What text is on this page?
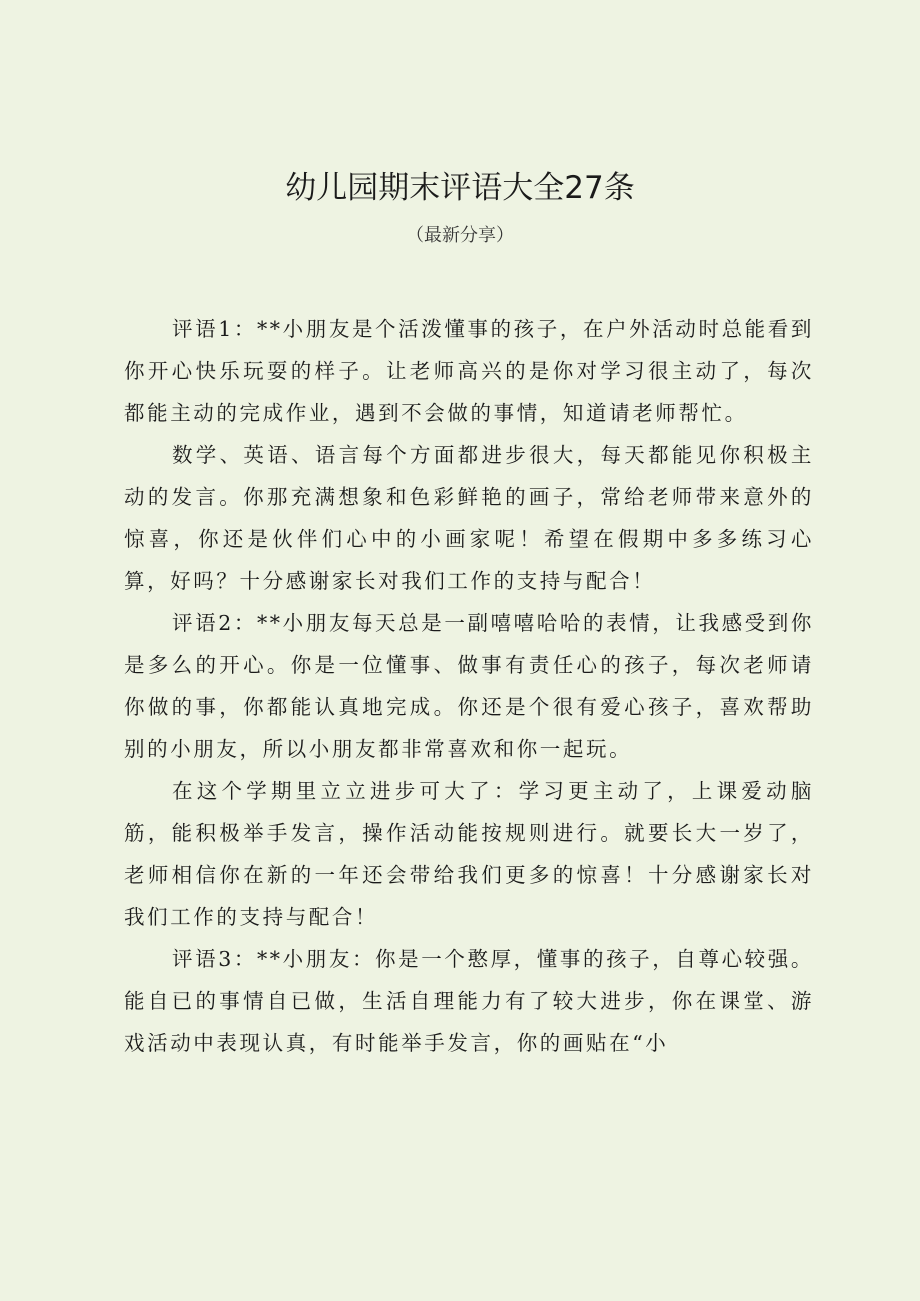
幼儿园期末评语大全27条
（最新分享）

评语1：**小朋友是个活泼懂事的孩子，在户外活动时总能看到你开心快乐玩耍的样子。让老师高兴的是你对学习很主动了，每次都能主动的完成作业，遇到不会做的事情，知道请老师帮忙。

数学、英语、语言每个方面都进步很大，每天都能见你积极主动的发言。你那充满想象和色彩鲜艳的画子，常给老师带来意外的惊喜，你还是伙伴们心中的小画家呢！希望在假期中多多练习心算，好吗？十分感谢家长对我们工作的支持与配合！

评语2：**小朋友每天总是一副嘻嘻哈哈的表情，让我感受到你是多么的开心。你是一位懂事、做事有责任心的孩子，每次老师请你做的事，你都能认真地完成。你还是个很有爱心孩子，喜欢帮助别的小朋友，所以小朋友都非常喜欢和你一起玩。

在这个学期里立立进步可大了：学习更主动了，上课爱动脑筋，能积极举手发言，操作活动能按规则进行。就要长大一岁了，老师相信你在新的一年还会带给我们更多的惊喜！十分感谢家长对我们工作的支持与配合！

评语3：**小朋友：你是一个憨厚，懂事的孩子，自尊心较强。能自已的事情自已做，生活自理能力有了较大进步，你在课堂、游戏活动中表现认真，有时能举手发言，你的画贴在“小
